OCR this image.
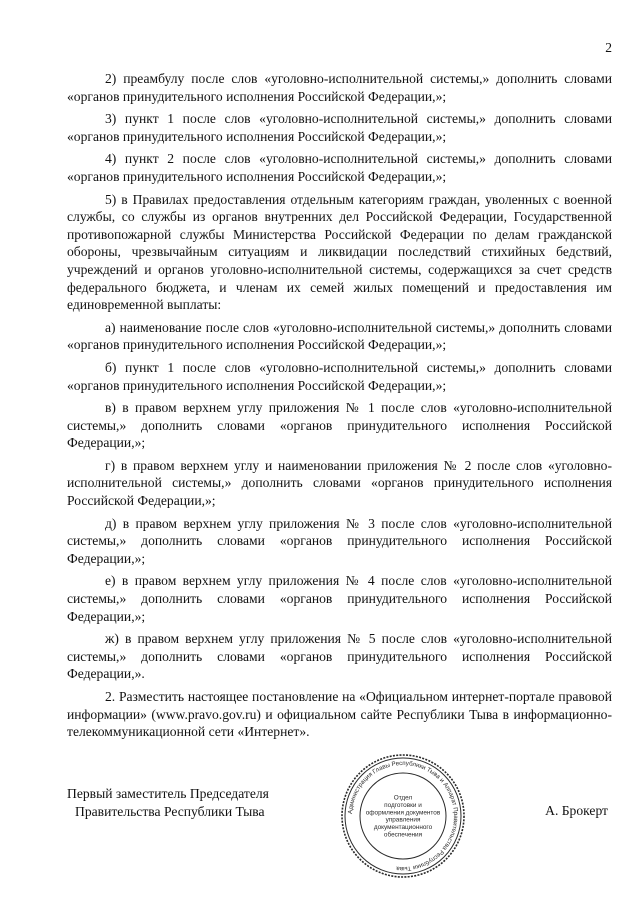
2

2) преамбулу после слов «уголовно-исполнительной системы,» дополнить словами «органов принудительного исполнения Российской Федерации,»;

3) пункт 1 после слов «уголовно-исполнительной системы,» дополнить словами «органов принудительного исполнения Российской Федерации,»;

4) пункт 2 после слов «уголовно-исполнительной системы,» дополнить словами «органов принудительного исполнения Российской Федерации,»;

5) в Правилах предоставления отдельным категориям граждан, уволенных с военной службы, со службы из органов внутренних дел Российской Федерации, Государственной противопожарной службы Министерства Российской Федерации по делам гражданской обороны, чрезвычайным ситуациям и ликвидации последствий стихийных бедствий, учреждений и органов уголовно-исполнительной системы, содержащихся за счет средств федерального бюджета, и членам их семей жилых помещений и предоставления им единовременной выплаты:

а) наименование после слов «уголовно-исполнительной системы,» дополнить словами «органов принудительного исполнения Российской Федерации,»;

б) пункт 1 после слов «уголовно-исполнительной системы,» дополнить словами «органов принудительного исполнения Российской Федерации,»;

в) в правом верхнем углу приложения № 1 после слов «уголовно-исполнительной системы,» дополнить словами «органов принудительного исполнения Российской Федерации,»;

г) в правом верхнем углу и наименовании приложения № 2 после слов «уголовно-исполнительной системы,» дополнить словами «органов принудительного исполнения Российской Федерации,»;

д) в правом верхнем углу приложения № 3 после слов «уголовно-исполнительной системы,» дополнить словами «органов принудительного исполнения Российской Федерации,»;

е) в правом верхнем углу приложения № 4 после слов «уголовно-исполнительной системы,» дополнить словами «органов принудительного исполнения Российской Федерации,»;

ж) в правом верхнем углу приложения № 5 после слов «уголовно-исполнительной системы,» дополнить словами «органов принудительного исполнения Российской Федерации,».

2. Разместить настоящее постановление на «Официальном интернет-портале правовой информации» (www.pravo.gov.ru) и официальном сайте Республики Тыва в информационно-телекоммуникационной сети «Интернет».

Первый заместитель Председателя
Правительства Республики Тыва	А. Брокерт
Администрация Главы Республики Тыва и Аппарат Правительства Республики Тыва
Отдел
подготовки и
оформления документов
управления
документационного
обеспечения
